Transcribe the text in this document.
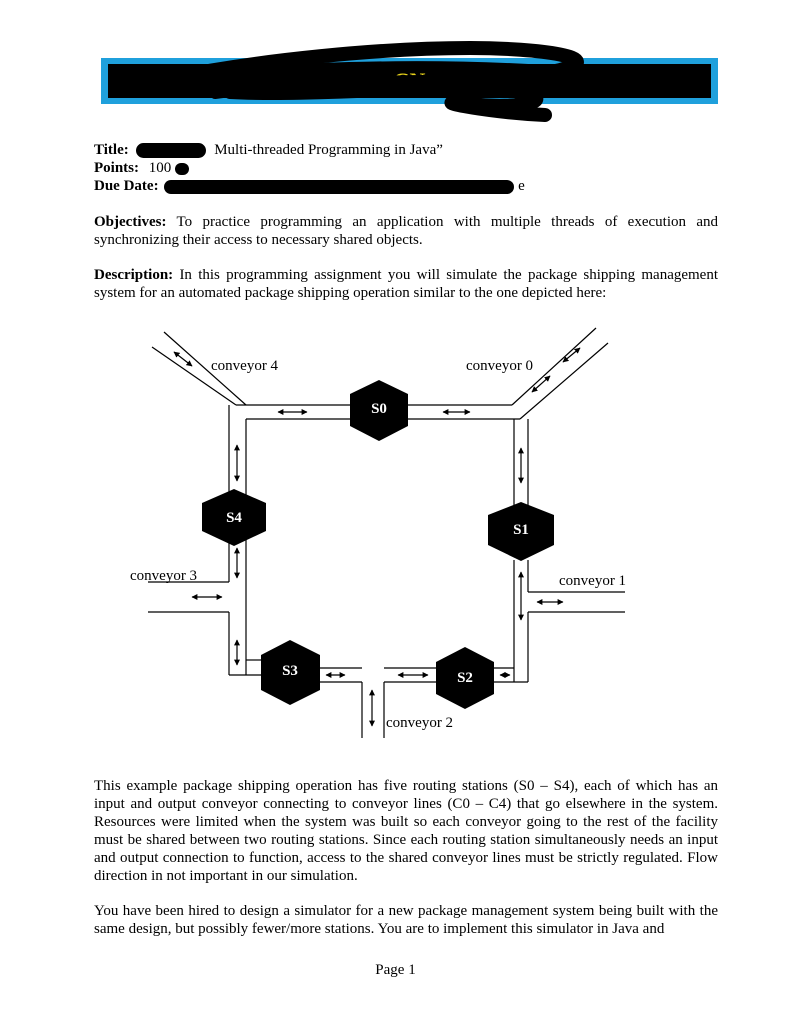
CN
Title:	Multi-threaded Programming in Java”
Points: 100
Due Date:	e
Objectives: To practice programming an application with multiple threads of execution and synchronizing their access to necessary shared objects.
Description: In this programming assignment you will simulate the package shipping management system for an automated package shipping operation similar to the one depicted here:
S0
S1
S2
S3
S4
conveyor 0
conveyor 1
conveyor 2
conveyor 3
conveyor 4
This example package shipping operation has five routing stations (S0 – S4), each of which has an input and output conveyor connecting to conveyor lines (C0 – C4) that go elsewhere in the system. Resources were limited when the system was built so each conveyor going to the rest of the facility must be shared between two routing stations. Since each routing station simultaneously needs an input and output connection to function, access to the shared conveyor lines must be strictly regulated. Flow direction in not important in our simulation.
You have been hired to design a simulator for a new package management system being built with the same design, but possibly fewer/more stations. You are to implement this simulator in Java and
Page 1
